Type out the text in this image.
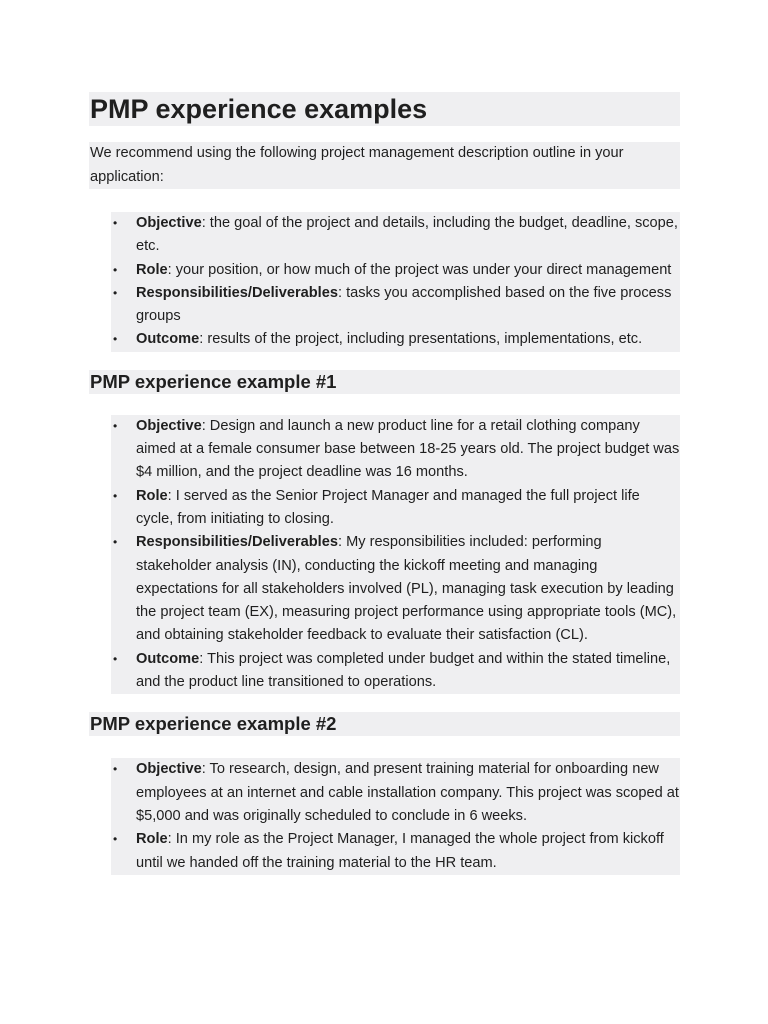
PMP experience examples

We recommend using the following project management description outline in your application:

• Objective: the goal of the project and details, including the budget, deadline, scope, etc.
• Role: your position, or how much of the project was under your direct management
• Responsibilities/Deliverables: tasks you accomplished based on the five process groups
• Outcome: results of the project, including presentations, implementations, etc.
PMP experience example #1
• Objective: Design and launch a new product line for a retail clothing company aimed at a female consumer base between 18-25 years old. The project budget was $4 million, and the project deadline was 16 months.
• Role: I served as the Senior Project Manager and managed the full project life cycle, from initiating to closing.
• Responsibilities/Deliverables: My responsibilities included: performing stakeholder analysis (IN), conducting the kickoff meeting and managing expectations for all stakeholders involved (PL), managing task execution by leading the project team (EX), measuring project performance using appropriate tools (MC), and obtaining stakeholder feedback to evaluate their satisfaction (CL).
• Outcome: This project was completed under budget and within the stated timeline, and the product line transitioned to operations.
PMP experience example #2
• Objective: To research, design, and present training material for onboarding new employees at an internet and cable installation company. This project was scoped at $5,000 and was originally scheduled to conclude in 6 weeks.
• Role: In my role as the Project Manager, I managed the whole project from kickoff until we handed off the training material to the HR team.
